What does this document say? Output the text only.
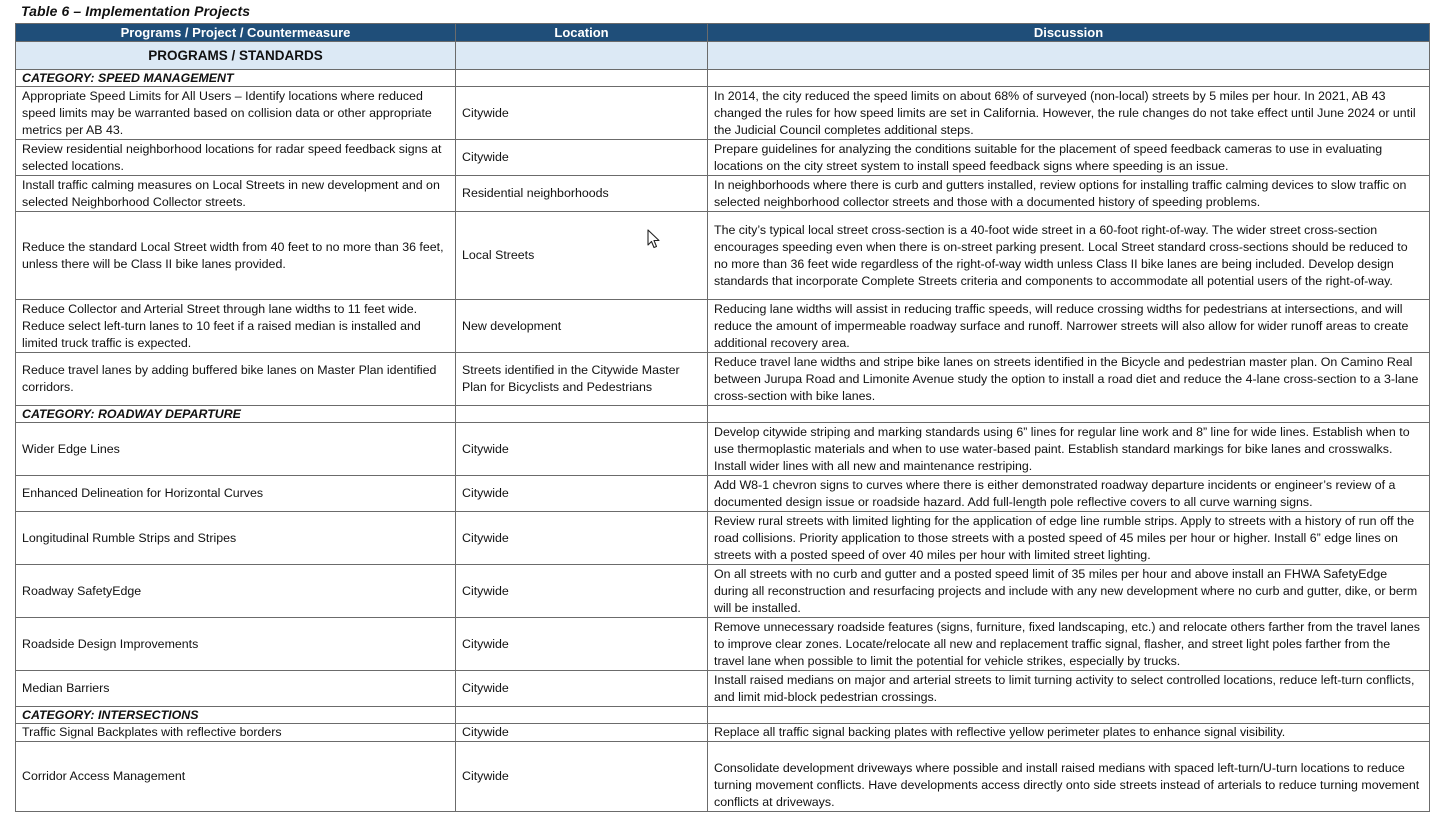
Table 6 – Implementation Projects
Programs / Project / Countermeasure	Location	Discussion
PROGRAMS / STANDARDS		
CATEGORY: SPEED MANAGEMENT		
Appropriate Speed Limits for All Users – Identify locations where reduced speed limits may be warranted based on collision data or other appropriate metrics per AB 43.	Citywide	In 2014, the city reduced the speed limits on about 68% of surveyed (non-local) streets by 5 miles per hour. In 2021, AB 43 changed the rules for how speed limits are set in California. However, the rule changes do not take effect until June 2024 or until the Judicial Council completes additional steps.
Review residential neighborhood locations for radar speed feedback signs at selected locations.	Citywide	Prepare guidelines for analyzing the conditions suitable for the placement of speed feedback cameras to use in evaluating locations on the city street system to install speed feedback signs where speeding is an issue.
Install traffic calming measures on Local Streets in new development and on selected Neighborhood Collector streets.	Residential neighborhoods	In neighborhoods where there is curb and gutters installed, review options for installing traffic calming devices to slow traffic on selected neighborhood collector streets and those with a documented history of speeding problems.
Reduce the standard Local Street width from 40 feet to no more than 36 feet, unless there will be Class II bike lanes provided.	Local Streets	The city’s typical local street cross-section is a 40-foot wide street in a 60-foot right-of-way. The wider street cross-section encourages speeding even when there is on-street parking present. Local Street standard cross-sections should be reduced to no more than 36 feet wide regardless of the right-of-way width unless Class II bike lanes are being included. Develop design standards that incorporate Complete Streets criteria and components to accommodate all potential users of the right-of-way.
Reduce Collector and Arterial Street through lane widths to 11 feet wide. Reduce select left-turn lanes to 10 feet if a raised median is installed and limited truck traffic is expected.	New development	Reducing lane widths will assist in reducing traffic speeds, will reduce crossing widths for pedestrians at intersections, and will reduce the amount of impermeable roadway surface and runoff. Narrower streets will also allow for wider runoff areas to create additional recovery area.
Reduce travel lanes by adding buffered bike lanes on Master Plan identified corridors.	Streets identified in the Citywide Master Plan for Bicyclists and Pedestrians	Reduce travel lane widths and stripe bike lanes on streets identified in the Bicycle and pedestrian master plan. On Camino Real between Jurupa Road and Limonite Avenue study the option to install a road diet and reduce the 4-lane cross-section to a 3-lane cross-section with bike lanes.
CATEGORY: ROADWAY DEPARTURE		
Wider Edge Lines	Citywide	Develop citywide striping and marking standards using 6” lines for regular line work and 8” line for wide lines. Establish when to use thermoplastic materials and when to use water-based paint. Establish standard markings for bike lanes and crosswalks. Install wider lines with all new and maintenance restriping.
Enhanced Delineation for Horizontal Curves	Citywide	Add W8-1 chevron signs to curves where there is either demonstrated roadway departure incidents or engineer’s review of a documented design issue or roadside hazard. Add full-length pole reflective covers to all curve warning signs.
Longitudinal Rumble Strips and Stripes	Citywide	Review rural streets with limited lighting for the application of edge line rumble strips. Apply to streets with a history of run off the road collisions. Priority application to those streets with a posted speed of 45 miles per hour or higher. Install 6” edge lines on streets with a posted speed of over 40 miles per hour with limited street lighting.
Roadway SafetyEdge	Citywide	On all streets with no curb and gutter and a posted speed limit of 35 miles per hour and above install an FHWA SafetyEdge during all reconstruction and resurfacing projects and include with any new development where no curb and gutter, dike, or berm will be installed.
Roadside Design Improvements	Citywide	Remove unnecessary roadside features (signs, furniture, fixed landscaping, etc.) and relocate others farther from the travel lanes to improve clear zones. Locate/relocate all new and replacement traffic signal, flasher, and street light poles farther from the travel lane when possible to limit the potential for vehicle strikes, especially by trucks.
Median Barriers	Citywide	Install raised medians on major and arterial streets to limit turning activity to select controlled locations, reduce left-turn conflicts, and limit mid-block pedestrian crossings.
CATEGORY: INTERSECTIONS		
Traffic Signal Backplates with reflective borders	Citywide	Replace all traffic signal backing plates with reflective yellow perimeter plates to enhance signal visibility.
Corridor Access Management	Citywide	Consolidate development driveways where possible and install raised medians with spaced left-turn/U-turn locations to reduce turning movement conflicts. Have developments access directly onto side streets instead of arterials to reduce turning movement conflicts at driveways.
